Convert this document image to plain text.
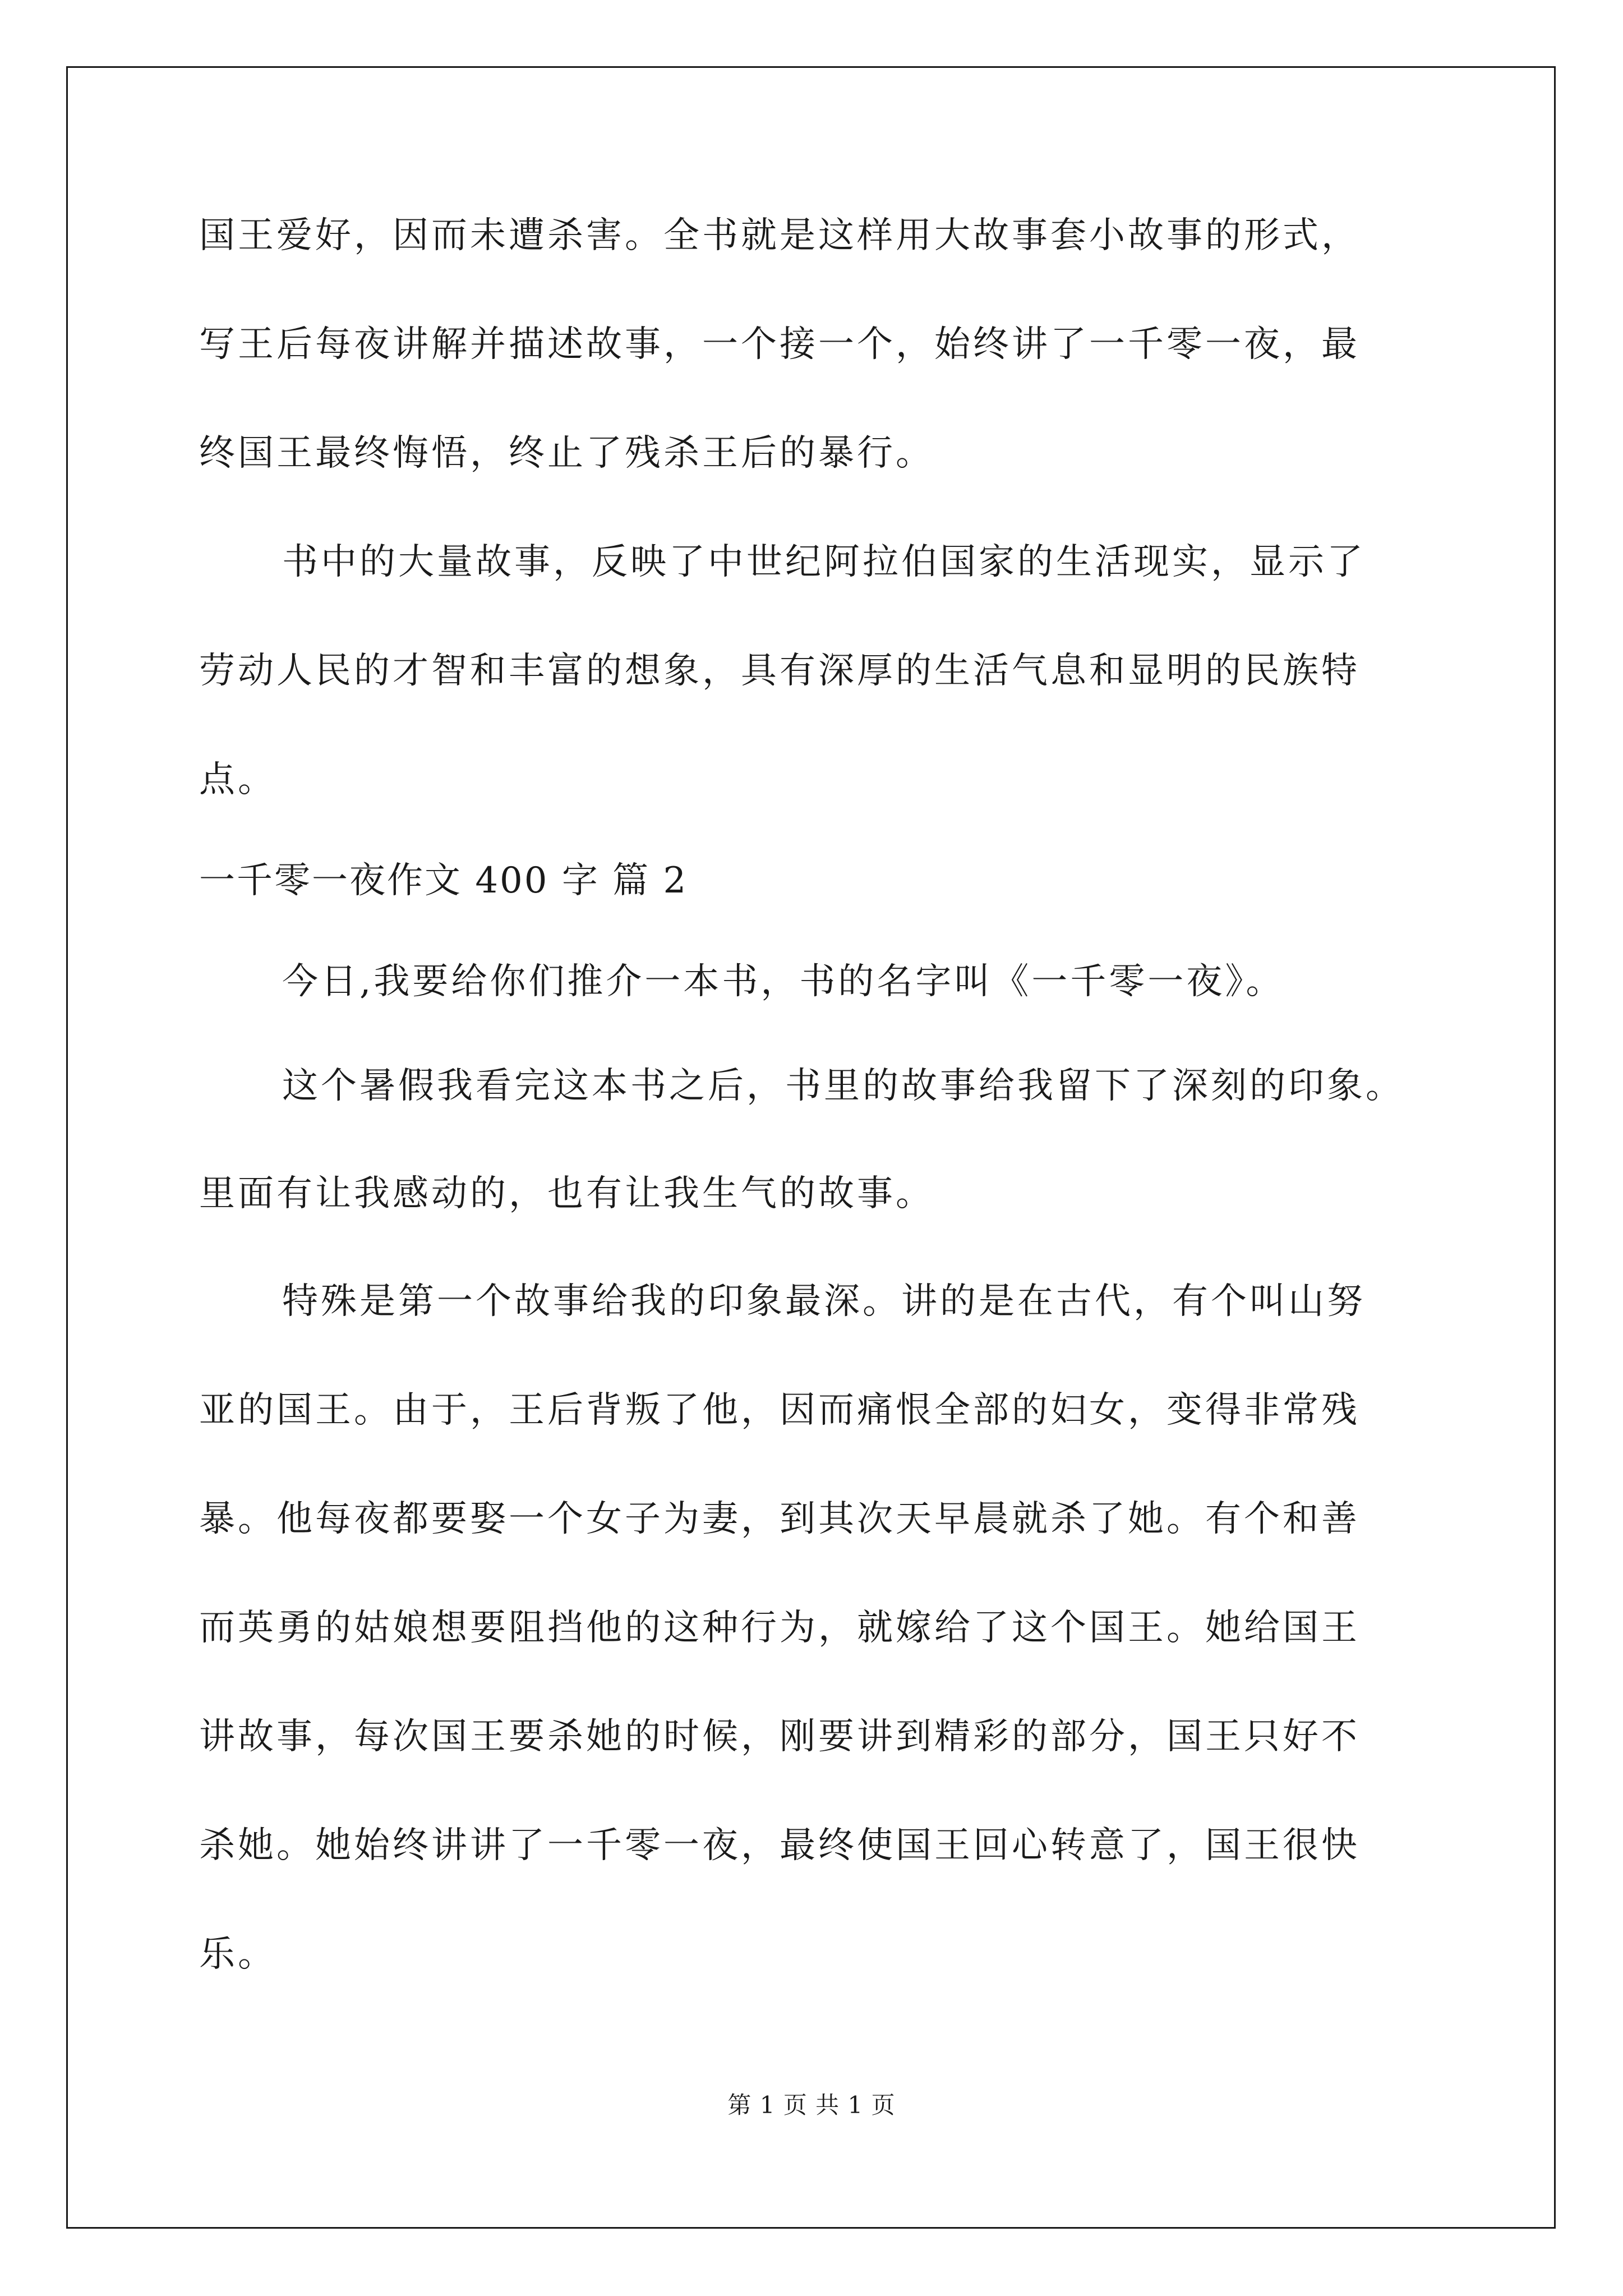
国王爱好，因而未遭杀害。全书就是这样用大故事套小故事的形式，
写王后每夜讲解并描述故事，一个接一个，始终讲了一千零一夜，最
终国王最终悔悟，终止了残杀王后的暴行。
书中的大量故事，反映了中世纪阿拉伯国家的生活现实，显示了
劳动人民的才智和丰富的想象，具有深厚的生活气息和显明的民族特
点。
一千零一夜作文 400 字 篇 2
今日,我要给你们推介一本书，书的名字叫《一千零一夜》。
这个暑假我看完这本书之后，书里的故事给我留下了深刻的印象。
里面有让我感动的，也有让我生气的故事。
特殊是第一个故事给我的印象最深。讲的是在古代，有个叫山努
亚的国王。由于，王后背叛了他，因而痛恨全部的妇女，变得非常残
暴。他每夜都要娶一个女子为妻，到其次天早晨就杀了她。有个和善
而英勇的姑娘想要阻挡他的这种行为，就嫁给了这个国王。她给国王
讲故事，每次国王要杀她的时候，刚要讲到精彩的部分，国王只好不
杀她。她始终讲讲了一千零一夜，最终使国王回心转意了，国王很快
乐。
第 1 页 共 1 页
